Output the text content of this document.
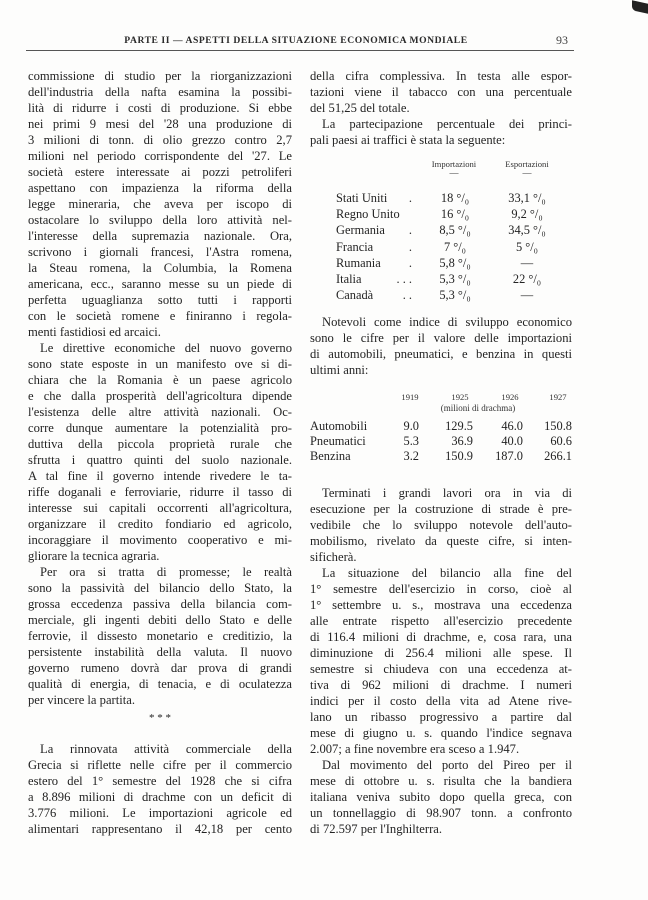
PARTE II — ASPETTI DELLA SITUAZIONE ECONOMICA MONDIALE	93
commissione di studio per la riorganizzazioni
dell'industria della nafta esamina la possibi-
lità di ridurre i costi di produzione. Si ebbe
nei primi 9 mesi del '28 una produzione di
3 milioni di tonn. di olio grezzo contro 2,7
milioni nel periodo corrispondente del '27. Le
società estere interessate ai pozzi petroliferi
aspettano con impazienza la riforma della
legge mineraria, che aveva per iscopo di
ostacolare lo sviluppo della loro attività nel-
l'interesse della supremazia nazionale. Ora,
scrivono i giornali francesi, l'Astra romena,
la Steau romena, la Columbia, la Romena
americana, ecc., saranno messe su un piede di
perfetta uguaglianza sotto tutti i rapporti
con le società romene e finiranno i regola-
menti fastidiosi ed arcaici.
Le direttive economiche del nuovo governo
sono state esposte in un manifesto ove si di-
chiara che la Romania è un paese agricolo
e che dalla prosperità dell'agricoltura dipende
l'esistenza delle altre attività nazionali. Oc-
corre dunque aumentare la potenzialità pro-
duttiva della piccola proprietà rurale che
sfrutta i quattro quinti del suolo nazionale.
A tal fine il governo intende rivedere le ta-
riffe doganali e ferroviarie, ridurre il tasso di
interesse sui capitali occorrenti all'agricoltura,
organizzare il credito fondiario ed agricolo,
incoraggiare il movimento cooperativo e mi-
gliorare la tecnica agraria.
Per ora si tratta di promesse; le realtà
sono la passività del bilancio dello Stato, la
grossa eccedenza passiva della bilancia com-
merciale, gli ingenti debiti dello Stato e delle
ferrovie, il dissesto monetario e creditizio, la
persistente instabilità della valuta. Il nuovo
governo rumeno dovrà dar prova di grandi
qualità di energia, di tenacia, e di oculatezza
per vincere la partita.
* * *
La rinnovata attività commerciale della
Grecia si riflette nelle cifre per il commercio
estero del 1° semestre del 1928 che si cifra
a 8.896 milioni di drachme con un deficit di
3.776 milioni. Le importazioni agricole ed
alimentari rappresentano il 42,18 per cento
della cifra complessiva. In testa alle espor-
tazioni viene il tabacco con una percentuale
del 51,25 del totale.
La partecipazione percentuale dei princi-
pali paesi ai traffici è stata la seguente:
Importazioni	Esportazioni
—	—
Stati Uniti . 18 °/₀	33,1 °/₀
Regno Unito	16 °/₀	9,2 °/₀
Germania . 8,5 °/₀	34,5 °/₀
Francia	.	7 °/₀	5 °/₀
Rumania . 5,8 °/₀	—
Italia	. . . 5,3 °/₀	22 °/₀
Canadà . . 5,3 °/₀	—
Notevoli come indice di sviluppo economico
sono le cifre per il valore delle importazioni
di automobili, pneumatici, e benzina in questi
ultimi anni:
1919	1925	1926	1927
(milioni di drachma)
Automobili	9.0 129.5 46.0 150.8
Pneumatici	5.3	36.9 40.0 60.6
Benzina	3.2 150.9 187.0 266.1
Terminati i grandi lavori ora in via di
esecuzione per la costruzione di strade è pre-
vedibile che lo sviluppo notevole dell'auto-
mobilismo, rivelato da queste cifre, si inten-
sificherà.
La situazione del bilancio alla fine del
1° semestre dell'esercizio in corso, cioè al
1° settembre u. s., mostrava una eccedenza
alle entrate rispetto all'esercizio precedente
di 116.4 milioni di drachme, e, cosa rara, una
diminuzione di 256.4 milioni alle spese. Il
semestre si chiudeva con una eccedenza at-
tiva di 962 milioni di drachme. I numeri
indici per il costo della vita ad Atene rive-
lano un ribasso progressivo a partire dal
mese di giugno u. s. quando l'indice segnava
2.007; a fine novembre era sceso a 1.947.
Dal movimento del porto del Pireo per il
mese di ottobre u. s. risulta che la bandiera
italiana veniva subito dopo quella greca, con
un tonnellaggio di 98.907 tonn. a confronto
di 72.597 per l'Inghilterra.
